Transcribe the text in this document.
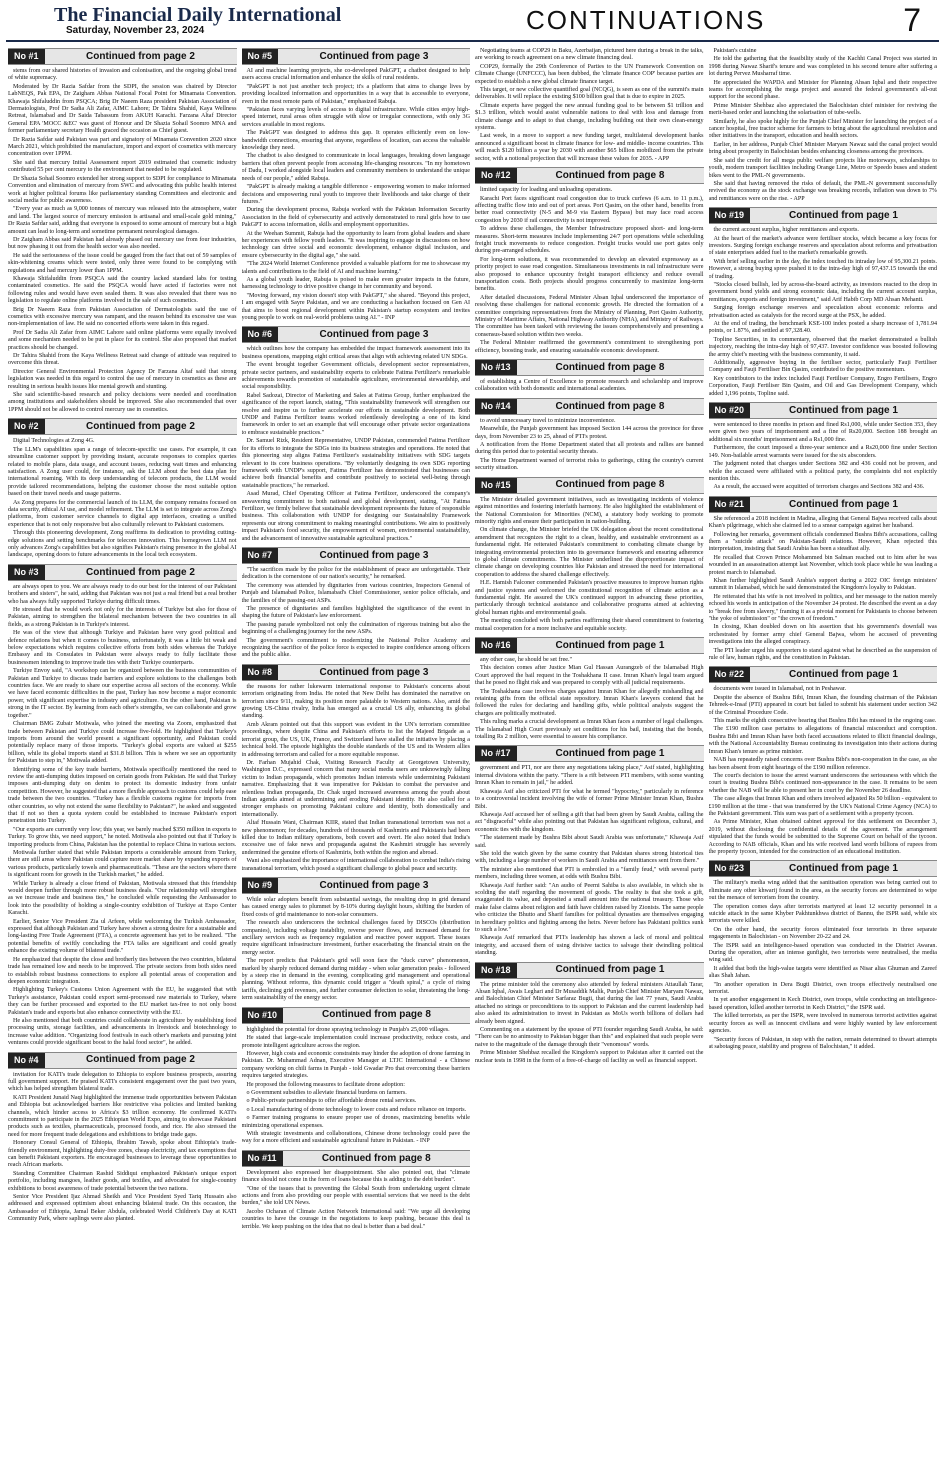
The Financial Daily International
Saturday, November 23, 2024	CONTINUATIONS	7
No #1	Continued from page 2

stems from our shared histories of invasion and colonisation, and the ongoing global trend of white supremacy.

Moderated by Dr Razia Safdar from the SDPI, the session was chaired by Director LabNEQS, Pak EPA, Dr Zaigham Abbas National Focal Point for Minamata Convention. Khawaja Shifaluddin from PSQCA; Brig Dr Naeem Raza president Pakistan Association of Dermatologists, Prof Dr Sadia Ali Zafar, AIMC Lahore; Dr Tahira Shahid, Kaya Wellness Retreat, Islamabad and Dr Saida Tabassum from AKUH Karachi. Farzana Altaf Director General EPA 'MOCC &EC' was guest of Honour and Dr Shazia Sohail Soomro MNA and former parliamentary secretary Health graced the occasion as Chief guest.

Dr Razia Safdar said Pakistan was part and signatory of Minamata Convention 2020 since March 2021, which prohibited the manufacture, import and export of cosmetics with mercury concentration over 1PPM.

She said that mercury Initial Assessment report 2019 estimated that cosmetic industry contributed 55 per cent mercury to the environment that needed to be regulated.

Dr Shazia Sohail Soomro extended her strong support to SDPI for compliance to Minamata Convention and elimination of mercury from SWC and advocating this public health interest work at higher political forums like parliamentary standing Committees and electronic and social media for public awareness.

"Every year as much as 9,000 tonnes of mercury was released into the atmosphere, water and land. The largest source of mercury emission is artisanal and small-scale gold mining," Dr Razia Safdar said, adding that everyone is exposed to some amount of mercury but a high amount can lead to long-term and sometime permanent neurological damages.

Dr Zaigham Abbas said Pakistan had already phased out mercury use from four industries, but now phasing it out from the health sector was also needed.

He said the seriousness of the issue could be gauged from the fact that out of 59 samples of skin-whitening creams which were tested, only three were found to be complying with regulations and had mercury lower than 1PPM.

Khawaja Shifaluddin from PSQCA said the country lacked standard labs for testing contaminated cosmetics. He said the PSQCA would have acted if factories were not following rules and would have even sealed them. It was also revealed that there was no legislation to regulate online platforms involved in the sale of such cosmetics.

Brig Dr Naeem Raza from Pakistan Association of Dermatologists said the use of cosmetics with excessive mercury was rampant, and the reason behind its excessive use was non-implementation of law. He said no concerted efforts were taken in this regard.

Prof Dr Sadia Ali Zafar from AIMC Lahore said online platforms were equally involved and some mechanism needed to be put in place for its control. She also proposed that market practices should be changed.

Dr Tahira Shahid from the Kaya Wellness Retreat said change of attitude was required to overcome this threat.

Director General Environmental Protection Agency Dr Farzana Altaf said that strong legislation was needed in this regard to control the use of mercury in cosmetics as these are resulting in serious health issues like mental growth and stunting.

She said scientific-based research and policy decisions were needed and coordination among institutions and stakeholders should be improved. She also recommended that over 1PPM should not be allowed to control mercury use in cosmetics.

No #2	Continued from page 2

Digital Technologies at Zong 4G.

The LLM's capabilities span a range of telecom-specific use cases. For example, it can streamline customer support by providing instant, accurate responses to complex queries related to mobile plans, data usage, and account issues, reducing wait times and enhancing satisfaction. A Zong user could, for instance, ask the LLM about the best data plan for international roaming. With its deep understanding of telecom products, the LLM would provide tailored recommendations, helping the customer choose the most suitable option based on their travel needs and usage patterns.

As Zong prepares for the commercial launch of its LLM, the company remains focused on data security, ethical AI use, and model refinement. The LLM is set to integrate across Zong's platforms, from customer service channels to digital app interfaces, creating a unified experience that is not only responsive but also culturally relevant to Pakistani customers.

Through this pioneering development, Zong reaffirms its dedication to providing cutting-edge solutions and setting benchmarks for telecom innovation. This homegrown LLM not only advances Zong's capabilities but also signifies Pakistan's rising presence in the global AI landscape, opening doors to future advancements in the local tech ecosystem.

No #3	Continued from page 2

are always open to you. We are always ready to do our best for the interest of our Pakistani brothers and sisters", he said, adding that Pakistan was not just a real friend but a real brother who has always fully supported Turkiye during difficult times.

He stressed that he would work not only for the interests of Turkiye but also for those of Pakistan, aiming to strengthen the bilateral mechanism between the two countries in all fields, as a strong Pakistan is in Turkiye's interest.

He was of the view that although Turkiye and Pakistan have very good political and defence relations but when it comes to business, unfortunately, it was a little bit weak and below expectations which requires collective efforts from both sides whereas the Turkiye Embassy and its Consulates in Pakistan were always ready to fully facilitate those businessmen intending to improve trade ties with their Turkiye counterparts.

Turkiye Envoy said, "A workshop can be organized between the business communities of Pakistan and Turkiye to discuss trade barriers and explore solutions to the challenges both countries face. We are ready to share our expertise across all sectors of the economy. While we have faced economic difficulties in the past, Turkey has now become a major economic power, with significant expertise in industry and agriculture. On the other hand, Pakistan is strong in the IT sector. By learning from each other's strengths, we can collaborate and grow together."

Chairman BMG Zubair Motiwala, who joined the meeting via Zoom, emphasized that trade between Pakistan and Turkiye could increase five-fold. He highlighted that Turkey's imports from around the world present a significant opportunity, and Pakistan could potentially replace many of those imports. "Turkey's global exports are valued at $255 billion, while its global imports stand at $31.8 billion. This is where we see an opportunity for Pakistan to step in," Motiwala added.

Identifying some of the key trade barriers, Motiwala specifically mentioned the need to review the anti-dumping duties imposed on certain goods from Pakistan. He said that Turkey imposes anti-dumping duty on denim to protect its domestic industry from unfair competition. However, he suggested that a more flexible approach to customs could help ease trade between the two countries. "Turkey has a flexible customs regime for imports from other countries, so why not extend the same flexibility to Pakistan?", he asked and suggested that if not so then a quota system could be established to increase Pakistan's export penetration into Turkey.

"Our exports are currently very low; this year, we barely reached $350 million in exports to Turkey. To grow this, we need support," he noted. Motiwala also pointed out that if Turkey is importing products from China, Pakistan has the potential to replace China in various sectors.

Motiwala further stated that while Pakistan imports a considerable amount from Turkey, there are still areas where Pakistan could capture more market share by expanding exports of various products, particularly towels and pharmaceuticals. "These are the sectors where there is significant room for growth in the Turkish market," he added.

While Turkey is already a close friend of Pakistan, Motiwala stressed that this friendship would deepen further through more robust business deals. "Our relationship will strengthen as we increase trade and business ties," he concluded while requesting the Ambassador to look into the possibility of holding a single-country exhibition of Turkiye at Expo Center Karachi.

Earlier, Senior Vice President Zia ul Arfeen, while welcoming the Turkish Ambassador, expressed that although Pakistan and Turkey have shown a strong desire for a sustainable and long-lasting Free Trade Agreement (FTA), a concrete agreement has yet to be realized. "The potential benefits of swiftly concluding the FTA talks are significant and could greatly enhance the existing volume of bilateral trade."

He emphasized that despite the close and brotherly ties between the two countries, bilateral trade has remained low and needs to be improved. The private sectors from both sides need to establish robust business connections to explore all potential areas of cooperation and deepen economic integration.

Highlighting Turkey's Customs Union Agreement with the EU, he suggested that with Turkey's assistance, Pakistan could export semi-processed raw materials to Turkey, where they can be further processed and exported to the EU market tax-free to not only boost Pakistan's trade and exports but also enhance connectivity with the EU.

He also mentioned that both countries could collaborate in agriculture by establishing food processing units, storage facilities, and advancements in livestock and biotechnology to increase value addition. "Organizing food festivals in each other's markets and pursuing joint ventures could provide significant boost to the halal food sector", he added.

No #4	Continued from page 2

invitation for KATI's trade delegation to Ethiopia to explore business prospects, assuring full government support. He praised KATI's consistent engagement over the past two years, which has helped strengthen bilateral trade.

KATI President Junaid Naqi highlighted the immense trade opportunities between Pakistan and Ethiopia but acknowledged barriers like restrictive visa policies and limited banking channels, which hinder access to Africa's $3 trillion economy. He confirmed KATI's commitment to participate in the 2025 Ethiopian World Expo, aiming to showcase Pakistani products such as textiles, pharmaceuticals, processed foods, and rice. He also stressed the need for more frequent trade delegations and exhibitions to bridge trade gaps.

Honorary Consul General of Ethiopia, Ibrahim Tawab, spoke about Ethiopia's trade-friendly environment, highlighting duty-free zones, cheap electricity, and tax exemptions that can benefit Pakistani exporters. He encouraged businesses to leverage these opportunities to reach African markets.

Standing Committee Chairman Rashid Siddiqui emphasized Pakistan's unique export portfolio, including mangoes, leather goods, and textiles, and advocated for single-country exhibitions to boost awareness of trade potential between the two nations.

Senior Vice President Ijaz Ahmad Sheikh and Vice President Syed Tariq Hussain also addressed and expressed optimism about enhancing bilateral trade. On this occasion, the Ambassador of Ethiopia, Jamal Beker Abdula, celebrated World Children's Day at KATI Community Park, where saplings were also planted.

No #5	Continued from page 3

AI and machine learning projects, she co-developed PakGPT, a chatbot designed to help users access crucial information and enhance the skills of rural residents.

"PakGPT is not just another tech project; it's a platform that aims to change lives by providing localized information and opportunities in a way that is accessible to everyone, even in the most remote parts of Pakistan," emphasized Rabuja.

"Pakistan faces varying levels of access to digital infrastructure. While cities enjoy high-speed internet, rural areas often struggle with slow or irregular connections, with only 3G services available in most regions.

The PakGPT was designed to address this gap. It operates efficiently even on low-bandwidth connections, ensuring that anyone, regardless of location, can access the valuable knowledge they need.

The chatbot is also designed to communicate in local languages, breaking down language barriers that often prevent people from accessing life-changing resources. "In my hometown of Dadu, I worked alongside local leaders and community members to understand the unique needs of our people," added Rabuja.

"PakGPT is already making a tangible difference - empowering women to make informed decisions and empowering rural youth to improve their livelihoods and take charge of their futures."

During the development process, Rabuja worked with the Pakistan Information Security Association in the field of cybersecurity and actively demonstrated to rural girls how to use PakGPT to access information, skills and employment opportunities.

At the Weehan Summit, Rabuja had the opportunity to learn from global leaders and share her experiences with fellow youth leaders. "It was inspiring to engage in discussions on how technology can drive social and economic development, enhance digital inclusion, and ensure cybersecurity in the digital age," she said.

"The 2024 World Internet Conference provided a valuable platform for me to showcase my talents and contributions to the field of AI and machine learning."

As a global youth leader, Rabuja is poised to make even greater impacts in the future, harnessing technology to drive positive change in her community and beyond.

"Moving forward, my vision doesn't stop with PakGPT," she shared. "Beyond this project, I am engaged with Sayre Pakistan, and we are conducting a hackathon focused on Gen AI that aims to boost regional development within Pakistan's startup ecosystem and invites young people to work on real-world problems using AI." - INP

No #6	Continued from page 3

which outlines how the company has embedded the impact framework assessment into its business operations, mapping eight critical areas that align with achieving related UN SDGs.

The event brought together Government officials, development sector representatives, private sector partners, and sustainability experts to celebrate Fatima Fertilizer's remarkable achievements towards promotion of sustainable agriculture, environmental stewardship, and social responsibility.

Rabel Sadozai, Director of Marketing and Sales at Fatima Group, further emphasized the significance of the report launch, stating, "This sustainability framework will strengthen our resolve and inspire us to further accelerate our efforts in sustainable development. Both UNDP and Fatima Fertilizer teams worked relentlessly developing a one of its kind framework in order to set an example that will encourage other private sector organizations to embrace sustainable practices."

Dr. Samuel Rizk, Resident Representative, UNDP Pakistan, commended Fatima Fertilizer for its efforts to integrate the SDGs into its business strategies and operations. He noted that this pioneering step aligns Fatima Fertilizer's sustainability initiatives with SDG targets relevant to its core business operations. "By voluntarily designing its own SDG reporting framework with UNDP's support, Fatima Fertilizer has demonstrated that businesses can achieve both financial benefits and contribute positively to societal well-being through sustainable practices," he remarked.

Asad Murad, Chief Operating Officer at Fatima Fertilizer, underscored the company's unwavering commitment to both national and global development, stating, "At Fatima Fertilizer, we firmly believe that sustainable development represents the future of responsible business. This collaboration with UNDP for designing our Sustainability Framework represents our strong commitment to making meaningful contributions. We aim to positively impact Pakistan's food security, the empowerment of women, environmental sustainability, and the advancement of innovative sustainable agricultural practices."

No #7	Continued from page 3

"The sacrifices made by the police for the establishment of peace are unforgettable. Their dedication is the cornerstone of our nation's security," he remarked.

The ceremony was attended by dignitaries from various countries, Inspectors General of Punjab and Islamabad Police, Islamabad's Chief Commissioner, senior police officials, and the families of the passing-out ASPs.

The presence of dignitaries and families highlighted the significance of the event in shaping the future of Pakistan's law enforcement.

The passing parade symbolized not only the culmination of rigorous training but also the beginning of a challenging journey for the new ASPs.

The government's commitment to modernizing the National Police Academy and recognizing the sacrifice of the police force is expected to inspire confidence among officers and the public alike.

No #8	Continued from page 3

the reasons for rather lukewarm international response to Pakistan's concerns about terrorism originating from India. He noted that New Delhi has dominated the narrative on terrorism since 9/11, making its position more palatable to Western nations. Also, amid the growing US-China rivalry, India has emerged as a crucial US ally, enhancing its global standing.

Amb Akram pointed out that this support was evident in the UN's terrorism committee proceedings, where despite China and Pakistan's efforts to list the Majeed Brigade as a terrorist group, the US, UK, France, and Switzerland have stalled the initiative by placing a technical hold. The episode highlights the double standards of the US and its Western allies in addressing terrorism and called for a more equitable response.

Dr. Farhan Mujahid Chak, Visiting Research Faculty at Georgetown University, Washington D.C., expressed concern that many social media users are unknowingly falling victim to Indian propaganda, which promotes Indian interests while undermining Pakistani narrative. Emphasizing that it was imperative for Pakistan to combat the pervasive and relentless Indian propaganda, Dr. Chak urged increased awareness among the youth about Indian agenda aimed at undermining and eroding Pakistani identity. He also called for a stronger emphasis on promoting Pakistani culture and identity, both domestically and internationally.

Altaf Hussain Wani, Chairman KIIR, stated that Indian transnational terrorism was not a new phenomenon; for decades, hundreds of thousands of Kashmiris and Pakistanis had been killed due to Indian military operations, both covert and overt. He also noted that India's excessive use of fake news and propaganda against the Kashmiri struggle has severely undermined the genuine efforts of Kashmiris, both within the region and abroad.

Wani also emphasized the importance of international collaboration to combat India's rising transnational terrorism, which posed a significant challenge to global peace and security.

No #9	Continued from page 3

While solar adopters benefit from substantial savings, the resulting drop in grid demand has caused energy sales to plummet by 8-10% during daylight hours, shifting the burden of fixed costs of grid maintenance to non-solar consumers.

The research also underscores the technical challenges faced by DISCOs (distribution companies), including voltage instability, reverse power flows, and increased demand for ancillary services such as frequency regulation and reactive power support. These issues require significant infrastructure investment, further exacerbating the financial strain on the energy sector.

The report predicts that Pakistan's grid will soon face the "duck curve" phenomenon, marked by sharply reduced demand during midday - when solar generation peaks - followed by a steep rise in demand in the evening, complicating grid management and operational planning. Without reforms, this dynamic could trigger a "death spiral," a cycle of rising tariffs, declining grid revenues, and further consumer defection to solar, threatening the long-term sustainability of the energy sector.

No #10	Continued from page 8

highlighted the potential for drone spraying technology in Punjab's 25,000 villages.

He stated that large-scale implementation could increase productivity, reduce costs, and promote intelligent agriculture across the region.

However, high costs and economic constraints may hinder the adoption of drone farming in Pakistan. Dr. Muhammad Adnan, Executive Manager at LTJC International - a Chinese company working on chili farms in Punjab - told Gwadar Pro that overcoming these barriers requires targeted strategies.

He proposed the following measures to facilitate drone adoption:

o Government subsidies to alleviate financial burdens on farmers.

o Public-private partnerships to offer affordable drone rental services.

o Local manufacturing of drone technology to lower costs and reduce reliance on imports.

o Farmer training programs to ensure proper use of drones, maximizing benefits while minimizing operational expenses.

With strategic investments and collaborations, Chinese drone technology could pave the way for a more efficient and sustainable agricultural future in Pakistan. - INP

No #11	Continued from page 8

Development also expressed her disappointment. She also pointed out, that "climate finance should not come in the form of loans because this is adding to the debt burden".

"One of the issues that is preventing the Global South from undertaking urgent climate actions and from also providing our people with essential services that we need is the debt burden," she told UN News.

Jacobo Ocharan of Climate Action Network International said: "We urge all developing countries to have the courage in the negotiations to keep pushing, because this deal is terrible. We keep pushing on the idea that no deal is better than a bad deal."

Negotiating teams at COP29 in Baku, Azerbaijan, pictured here during a break in the talks, are working to reach agreement on a new climate financing deal.

COP29, formally the 29th Conference of Parties to the UN Framework Convention on Climate Change (UNFCCC), has been dubbed, the 'climate finance COP' because parties are expected to establish a new global climate finance target.

This target, or new collective quantified goal (NCQG), is seen as one of the summit's main deliverables. It will replace the existing $100 billion goal that is due to expire in 2025.

Climate experts have pegged the new annual funding goal to be between $1 trillion and $1.3 trillion, which would assist vulnerable nations to deal with loss and damage from climate change and to adapt to that change, including building out their own clean-energy systems.

Last week, in a move to support a new funding target, multilateral development banks announced a significant boost in climate finance for low- and middle- income countries. This will reach $120 billion a year by 2030 with another $65 billion mobilized from the private sector, with a notional projection that will increase these values for 2035. - APP

No #12	Continued from page 8

limited capacity for loading and unloading operations.

Karachi Port faces significant road congestion due to truck curfews (6 a.m. to 11 p.m.), affecting traffic flow into and out of port areas. Port Qasim, on the other hand, benefits from better road connectivity (N-5 and M-9 via Eastern Bypass) but may face road access congestion by 2030 if rail connectivity is not improved.

To address these challenges, the Member Infrastructure proposed short- and long-term measures. Short-term measures include implementing 24/7 port operations while scheduling freight truck movements to reduce congestion. Freight trucks would use port gates only during pre-arranged schedules.

For long-term solutions, it was recommended to develop an elevated expressway as a priority project to ease road congestion. Simultaneous investments in rail infrastructure were also proposed to enhance upcountry freight transport efficiency and reduce overall transportation costs. Both projects should progress concurrently to maximize long-term benefits.

After detailed discussions, Federal Minister Ahsan Iqbal underscored the importance of resolving these challenges for national economic growth. He directed the formation of a committee comprising representatives from the Ministry of Planning, Port Qasim Authority, Ministry of Maritime Affairs, National Highway Authority (NHA), and Ministry of Railways. The committee has been tasked with reviewing the issues comprehensively and presenting a consensus-based solution within two weeks.

The Federal Minister reaffirmed the government's commitment to strengthening port efficiency, boosting trade, and ensuring sustainable economic development.

No #13	Continued from page 8

of establishing a Centre of Excellence to promote research and scholarship and improve collaboration with both domestic and international academies.

No #14	Continued from page 8

to avoid unnecessary travel to minimize inconvenience.

Meanwhile, the Punjab government has imposed Section 144 across the province for three days, from November 23 to 25, ahead of PTI's protest.

A notification from the Home Department stated that all protests and rallies are banned during this period due to potential security threats.

The Home Department warned of terrorist risks to gatherings, citing the country's current security situation.

No #15	Continued from page 8

The Minister detailed government initiatives, such as investigating incidents of violence against minorities and fostering interfaith harmony. He also highlighted the establishment of the National Commission for Minorities (NCM), a statutory body working to promote minority rights and ensure their participation in nation-building.

On climate change, the Minister briefed the UK delegation about the recent constitutional amendment that recognizes the right to a clean, healthy, and sustainable environment as a fundamental right. He reiterated Pakistan's commitment to combating climate change by integrating environmental protection into its governance framework and ensuring adherence to global climate commitments. The Minister underlined the disproportionate impact of climate change on developing countries like Pakistan and stressed the need for international cooperation to address the shared challenge effectively.

H.E. Hamish Falconer commended Pakistan's proactive measures to improve human rights and justice systems and welcomed the constitutional recognition of climate action as a fundamental right. He assured the UK's continued support in advancing these priorities, particularly through technical assistance and collaborative programs aimed at achieving global human rights and environmental goals.

The meeting concluded with both parties reaffirming their shared commitment to fostering mutual cooperation for a more inclusive and equitable society.

No #16	Continued from page 1

any other case, he should be set free."

This decision comes after Justice Mian Gul Hassan Aurangzeb of the Islamabad High Court approved the bail request in the Toshakhana II case. Imran Khan's legal team argued that he posed no flight risk and was prepared to comply with all judicial requirements.

The Toshakhana case involves charges against Imran Khan for allegedly mishandling and retaining gifts from the official state repository. Imran Khan's lawyers contend that he followed the rules for declaring and handling gifts, while political analysts suggest the charges are politically motivated.

This ruling marks a crucial development as Imran Khan faces a number of legal challenges. The Islamabad High Court previously set conditions for his bail, insisting that the bonds, totalling Rs 2 million, were essential to assure his compliance.

No #17	Continued from page 1

government and PTI, nor are there any negotiations taking place," Asif stated, highlighting internal divisions within the party. "There is a rift between PTI members, with some wanting Imran Khan to remain in jail," he added.

Khawaja Asif also criticized PTI for what he termed "hypocrisy," particularly in reference to a controversial incident involving the wife of former Prime Minister Imran Khan, Bushra Bibi.

Khawaja Asif accused her of selling a gift that had been given by Saudi Arabia, calling the act "disgraceful" while also pointing out that Pakistan has significant religious, cultural, and economic ties with the kingdom.

"The statement made by Bushra Bibi about Saudi Arabia was unfortunate," Khawaja Asif said.

She told the watch given by the same country that Pakistan shares strong historical ties with, including a large number of workers in Saudi Arabia and remittances sent from there."

The minister also mentioned that PTI is embroiled in a "family feud," with several party members, including three women, at odds with Bushra Bibi.

Khawaja Asif further said: "An audio of Peerni Sahiba is also available, in which she is scolding the staff regarding the movement of goods. The reality is that she took a gift, exaggerated its value, and deposited a small amount into the national treasury. Those who make false claims about religion and faith have children raised by Zionists. The same people who criticize the Bhutto and Sharif families for political dynasties are themselves engaging in hereditary politics and fighting among the heirs. Never before has Pakistani politics sunk to such a low."

Khawaja Asif remarked that PTI's leadership has shown a lack of moral and political integrity, and accused them of using divisive tactics to salvage their dwindling political standing.

No #18	Continued from page 1

The prime minister told the ceremony also attended by federal ministers Attaullah Tarar, Ahsan Iqbal, Awais Leghari and Dr Musaddik Malik, Punjab Chief Minister Maryam Nawaz, and Balochistan Chief Minister Sarfaraz Bugti, that during the last 77 years, Saudi Arabia attached no strings or preconditions to its support to Pakistan and the current leadership had also asked its administration to invest in Pakistan as MoUs worth billions of dollars had already been signed.

Commenting on a statement by the spouse of PTI founder regarding Saudi Arabia, he said: "There can be no animosity to Pakistan bigger than this" and explained that such people were naive to the magnitude of the damage through their "venomous" words.

Prime Minister Shehbaz recalled the Kingdom's support to Pakistan after it carried out the nuclear tests in 1998 in the form of a free-of-charge oil facility as well as financial support.

Pakistan's cuisine

He told the gathering that the feasibility study of the Kachhi Canal Project was started in 1998 during Nawaz Sharif's tenure and was completed in his second tenure after suffering a lot during Pervez Musharraf time.

He appreciated the WAPDA and Minister for Planning Ahsan Iqbal and their respective teams for accomplishing the mega project and assured the federal government's all-out support for the second phase.

Prime Minister Shehbaz also appreciated the Balochistan chief minister for reviving the merit-based order and launching the solarisation of tube-wells.

Similarly, he also spoke highly for the Punjab Chief Minister for launching the project of a cancer hospital, free tractor scheme for farmers to bring about the agricultural revolution and other initiatives in the transport, education and health sectors.

Earlier, in her address, Punjab Chief Minister Maryam Nawaz said the canal project would bring about prosperity in Balochistan besides enhancing closeness among the provinces.

She said the credit for all mega public welfare projects like motorways, scholarships to youth, modern transport facilities including Orange Line, Metro or Speedo buses and student bikes went to the PML-N governments.

She said that having removed the risks of default, the PML-N government successfully revived the economy as the stock exchange was breaking records, inflation was down to 7% and remittances were on the rise. - APP

No #19	Continued from page 1

the current account surplus, higher remittances and exports.

At the heart of the market's advance were fertiliser stocks, which became a key focus for investors. Surging foreign exchange reserves and speculation about reforms and privatisation of state enterprises added fuel to the market's remarkable growth.

With brief selling earlier in the day, the index touched its intraday low of 95,300.21 points. However, a strong buying spree pushed it to the intra-day high of 97,437.15 towards the end of trading.

"Stocks closed bullish, led by across-the-board activity, as investors reacted to the drop in government bond yields and strong economic data, including the current account surplus, remittances, exports and foreign investment," said Arif Habib Corp MD Ahsan Mehanti.

Surging foreign exchange reserves and speculation about economic reforms and privatisation acted as catalysts for the record surge at the PSX, he added.

At the end of trading, the benchmark KSE-100 index posted a sharp increase of 1,781.94 points, or 1.87%, and settled at 97,328.40.

Topline Securities, in its commentary, observed that the market demonstrated a bullish trajectory, reaching the intra-day high of 97,437. Investor confidence was boosted following the army chief's meeting with the business community, it said.

Additionally, aggressive buying in the fertiliser sector, particularly Fauji Fertiliser Company and Fauji Fertiliser Bin Qasim, contributed to the positive momentum.

Key contributors to the index included Fauji Fertiliser Company, Engro Fertilisers, Engro Corporation, Fauji Fertiliser Bin Qasim, and Oil and Gas Development Company, which added 1,196 points, Topline said.

No #20	Continued from page 1

were sentenced to three months in prison and fined Rs1,000, while under Section 353, they were given two years of imprisonment and a fine of Rs20,000. Section 188 brought an additional six months' imprisonment and a Rs1,000 fine.

Furthermore, the court imposed a three-year sentence and a Rs20,000 fine under Section 149. Non-bailable arrest warrants were issued for the six absconders.

The judgment noted that charges under Sections 382 and 436 could not be proven, and while the accused were affiliated with a political party, the complaints did not explicitly mention this.

As a result, the accused were acquitted of terrorism charges and Sections 382 and 436.

No #21	Continued from page 1

She referenced a 2018 incident in Madina, alleging that General Bajwa received calls about Khan's pilgrimage, which she claimed led to a smear campaign against her husband.

Following her remarks, government officials condemned Bushra Bibi's accusations, calling them a "suicide attack" on Pakistan-Saudi relations. However, Khan rejected this interpretation, insisting that Saudi Arabia has been a steadfast ally.

He recalled that Crown Prince Mohammed bin Salman reached out to him after he was wounded in an assassination attempt last November, which took place while he was leading a protest march to Islamabad.

Khan further highlighted Saudi Arabia's support during a 2022 OIC foreign ministers' summit in Islamabad, which he said demonstrated the Kingdom's loyalty to Pakistan.

He reiterated that his wife is not involved in politics, and her message to the nation merely echoed his words in anticipation of the November 24 protest. He described the event as a day to "break free from slavery," framing it as a pivotal moment for Pakistanis to choose between "the yoke of submission" or "the crown of freedom."

In closing, Khan doubled down on his assertion that his government's downfall was orchestrated by former army chief General Bajwa, whom he accused of preventing investigations into the alleged conspiracy.

The PTI leader urged his supporters to stand against what he described as the suspension of rule of law, human rights, and the constitution in Pakistan.

No #22	Continued from page 1

documents were issued in Islamabad, not in Peshawar.

Despite the absence of Bushra Bibi, Imran Khan, the founding chairman of the Pakistan Tehreek-e-Insaf (PTI) appeared in court but failed to submit his statement under section 342 of the Criminal Procedure Code.

This marks the eighth consecutive hearing that Bushra Bibi has missed in the ongoing case.

The £190 million case pertains to allegations of financial misconduct and corruption. Bushra Bibi and Imran Khan have both faced accusations related to illicit financial dealings, with the National Accountability Bureau continuing its investigation into their actions during Imran Khan's tenure as prime minister.

NAB has repeatedly raised concerns over Bushra Bibi's non-cooperation in the case, as she has been absent from eight hearings of the £190 million reference.

The court's decision to issue the arrest warrant underscores the seriousness with which the court is treating Bushra Bibi's continued non-appearance in the case. It remains to be seen whether the NAB will be able to present her in court by the November 26 deadline.

The case alleges that Imran Khan and others involved adjusted Rs 50 billion - equivalent to £190 million at the time - that was transferred by the UK's National Crime Agency (NCA) to the Pakistani government. This sum was part of a settlement with a property tycoon.

As Prime Minister, Khan obtained cabinet approval for this settlement on December 3, 2019, without disclosing the confidential details of the agreement. The arrangement stipulated that the funds would be submitted to the Supreme Court on behalf of the tycoon. According to NAB officials, Khan and his wife received land worth billions of rupees from the property tycoon, intended for the construction of an educational institution.

No #23	Continued from page 1

The military's media wing added that the sanitisation operation was being carried out to eliminate any other khwarij found in the area, as the security forces are determined to wipe out the menace of terrorism from the country.

The operation comes days after terrorists martyred at least 12 security personnel in a suicide attack in the same Khyber Pakhtunkhwa district of Bannu, the ISPR said, while six terrorists were killed.

On the other hand, the security forces eliminated four terrorists in three separate engagements in Balochistan - on November 20-22 and 24.

The ISPR said an intelligence-based operation was conducted in the District Awaran. During the operation, after an intense gunfight, two terrorists were neutralised, the media wing said.

It added that both the high-value targets were identified as Nisar alias Ghuman and Zareef alias Shah Jahan.

"In another operation in Dera Bugti District, own troops effectively neutralised one terrorist.

In yet another engagement in Kech District, own troops, while conducting an intelligence-based operation, killed another terrorist in Kech District," the ISPR said.

The killed terrorists, as per the ISPR, were involved in numerous terrorist activities against security forces as well as innocent civilians and were highly wanted by law enforcement agencies.

"Security forces of Pakistan, in step with the nation, remain determined to thwart attempts at sabotaging peace, stability and progress of Balochistan," it added.
